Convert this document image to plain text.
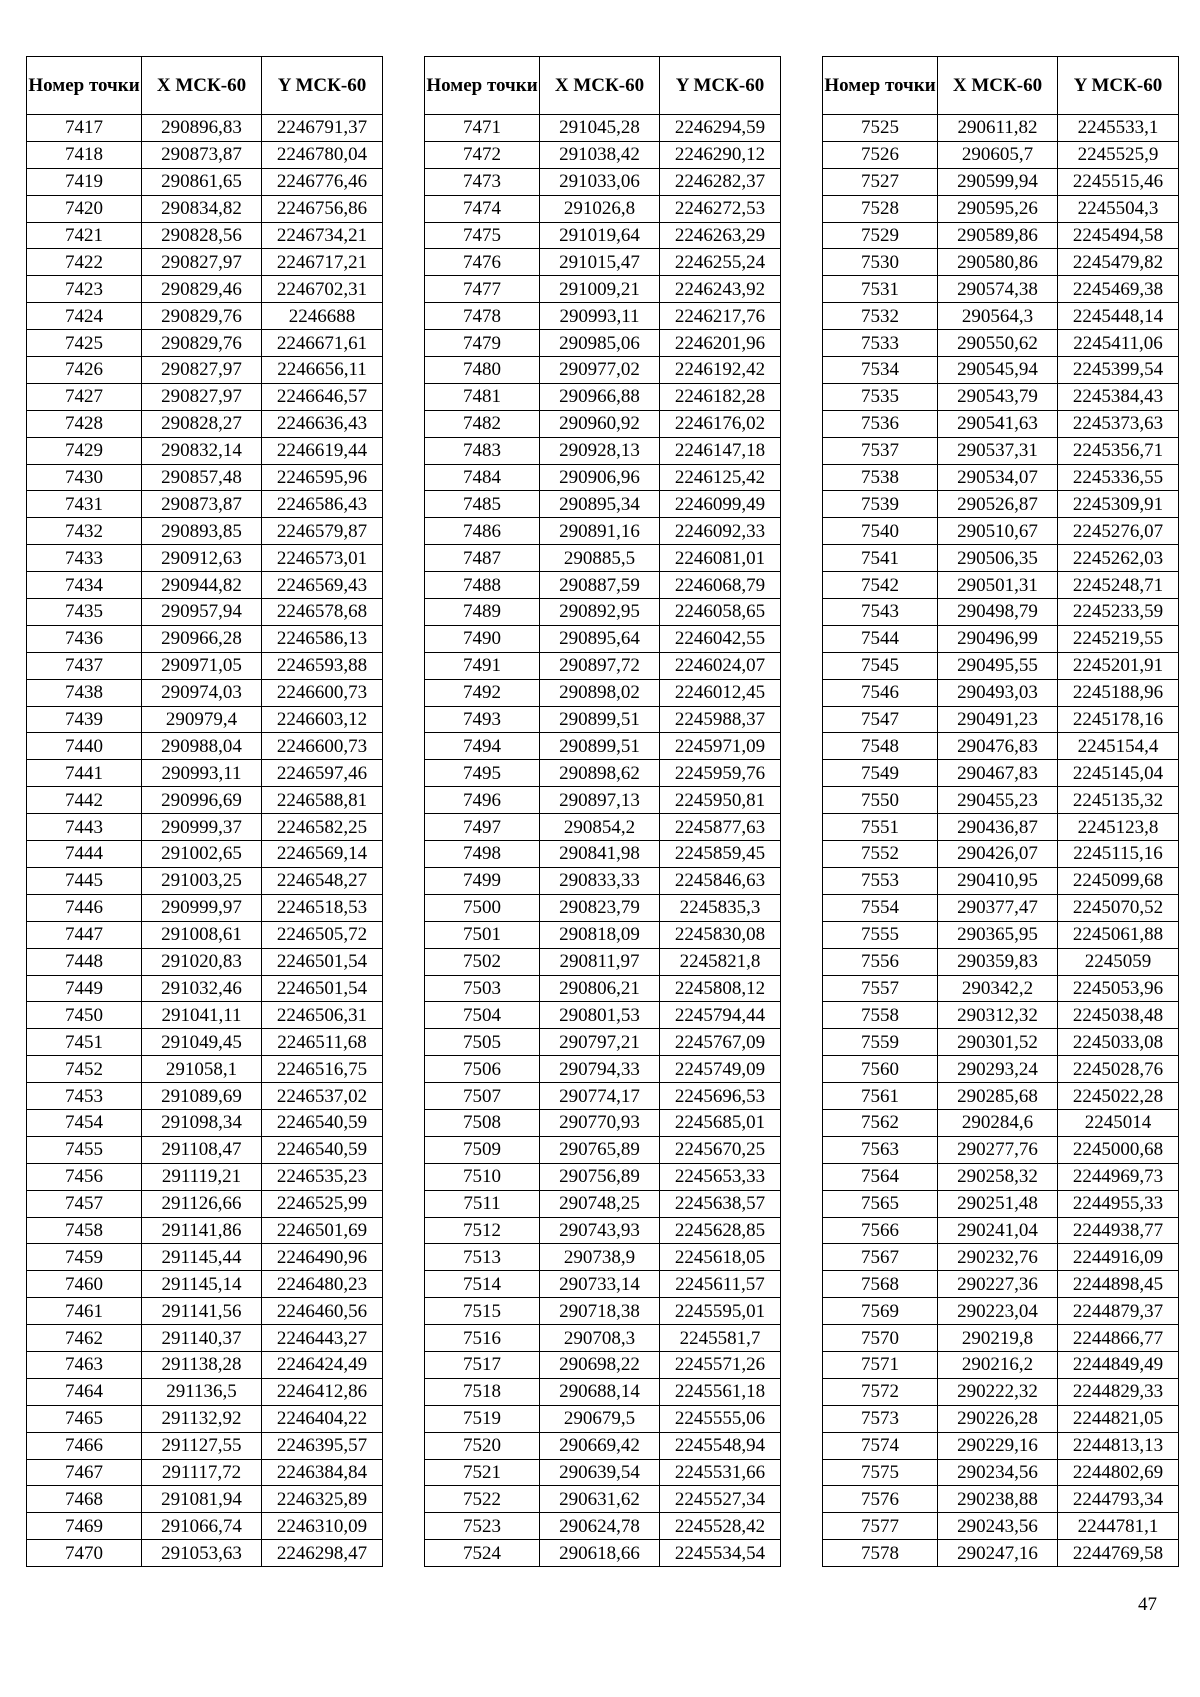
Номер точки	X МСК-60	Y МСК-60
7417	290896,83	2246791,37
7418	290873,87	2246780,04
7419	290861,65	2246776,46
7420	290834,82	2246756,86
7421	290828,56	2246734,21
7422	290827,97	2246717,21
7423	290829,46	2246702,31
7424	290829,76	2246688
7425	290829,76	2246671,61
7426	290827,97	2246656,11
7427	290827,97	2246646,57
7428	290828,27	2246636,43
7429	290832,14	2246619,44
7430	290857,48	2246595,96
7431	290873,87	2246586,43
7432	290893,85	2246579,87
7433	290912,63	2246573,01
7434	290944,82	2246569,43
7435	290957,94	2246578,68
7436	290966,28	2246586,13
7437	290971,05	2246593,88
7438	290974,03	2246600,73
7439	290979,4	2246603,12
7440	290988,04	2246600,73
7441	290993,11	2246597,46
7442	290996,69	2246588,81
7443	290999,37	2246582,25
7444	291002,65	2246569,14
7445	291003,25	2246548,27
7446	290999,97	2246518,53
7447	291008,61	2246505,72
7448	291020,83	2246501,54
7449	291032,46	2246501,54
7450	291041,11	2246506,31
7451	291049,45	2246511,68
7452	291058,1	2246516,75
7453	291089,69	2246537,02
7454	291098,34	2246540,59
7455	291108,47	2246540,59
7456	291119,21	2246535,23
7457	291126,66	2246525,99
7458	291141,86	2246501,69
7459	291145,44	2246490,96
7460	291145,14	2246480,23
7461	291141,56	2246460,56
7462	291140,37	2246443,27
7463	291138,28	2246424,49
7464	291136,5	2246412,86
7465	291132,92	2246404,22
7466	291127,55	2246395,57
7467	291117,72	2246384,84
7468	291081,94	2246325,89
7469	291066,74	2246310,09
7470	291053,63	2246298,47
Номер точки	X МСК-60	Y МСК-60
7471	291045,28	2246294,59
7472	291038,42	2246290,12
7473	291033,06	2246282,37
7474	291026,8	2246272,53
7475	291019,64	2246263,29
7476	291015,47	2246255,24
7477	291009,21	2246243,92
7478	290993,11	2246217,76
7479	290985,06	2246201,96
7480	290977,02	2246192,42
7481	290966,88	2246182,28
7482	290960,92	2246176,02
7483	290928,13	2246147,18
7484	290906,96	2246125,42
7485	290895,34	2246099,49
7486	290891,16	2246092,33
7487	290885,5	2246081,01
7488	290887,59	2246068,79
7489	290892,95	2246058,65
7490	290895,64	2246042,55
7491	290897,72	2246024,07
7492	290898,02	2246012,45
7493	290899,51	2245988,37
7494	290899,51	2245971,09
7495	290898,62	2245959,76
7496	290897,13	2245950,81
7497	290854,2	2245877,63
7498	290841,98	2245859,45
7499	290833,33	2245846,63
7500	290823,79	2245835,3
7501	290818,09	2245830,08
7502	290811,97	2245821,8
7503	290806,21	2245808,12
7504	290801,53	2245794,44
7505	290797,21	2245767,09
7506	290794,33	2245749,09
7507	290774,17	2245696,53
7508	290770,93	2245685,01
7509	290765,89	2245670,25
7510	290756,89	2245653,33
7511	290748,25	2245638,57
7512	290743,93	2245628,85
7513	290738,9	2245618,05
7514	290733,14	2245611,57
7515	290718,38	2245595,01
7516	290708,3	2245581,7
7517	290698,22	2245571,26
7518	290688,14	2245561,18
7519	290679,5	2245555,06
7520	290669,42	2245548,94
7521	290639,54	2245531,66
7522	290631,62	2245527,34
7523	290624,78	2245528,42
7524	290618,66	2245534,54
Номер точки	X МСК-60	Y МСК-60
7525	290611,82	2245533,1
7526	290605,7	2245525,9
7527	290599,94	2245515,46
7528	290595,26	2245504,3
7529	290589,86	2245494,58
7530	290580,86	2245479,82
7531	290574,38	2245469,38
7532	290564,3	2245448,14
7533	290550,62	2245411,06
7534	290545,94	2245399,54
7535	290543,79	2245384,43
7536	290541,63	2245373,63
7537	290537,31	2245356,71
7538	290534,07	2245336,55
7539	290526,87	2245309,91
7540	290510,67	2245276,07
7541	290506,35	2245262,03
7542	290501,31	2245248,71
7543	290498,79	2245233,59
7544	290496,99	2245219,55
7545	290495,55	2245201,91
7546	290493,03	2245188,96
7547	290491,23	2245178,16
7548	290476,83	2245154,4
7549	290467,83	2245145,04
7550	290455,23	2245135,32
7551	290436,87	2245123,8
7552	290426,07	2245115,16
7553	290410,95	2245099,68
7554	290377,47	2245070,52
7555	290365,95	2245061,88
7556	290359,83	2245059
7557	290342,2	2245053,96
7558	290312,32	2245038,48
7559	290301,52	2245033,08
7560	290293,24	2245028,76
7561	290285,68	2245022,28
7562	290284,6	2245014
7563	290277,76	2245000,68
7564	290258,32	2244969,73
7565	290251,48	2244955,33
7566	290241,04	2244938,77
7567	290232,76	2244916,09
7568	290227,36	2244898,45
7569	290223,04	2244879,37
7570	290219,8	2244866,77
7571	290216,2	2244849,49
7572	290222,32	2244829,33
7573	290226,28	2244821,05
7574	290229,16	2244813,13
7575	290234,56	2244802,69
7576	290238,88	2244793,34
7577	290243,56	2244781,1
7578	290247,16	2244769,58
47
